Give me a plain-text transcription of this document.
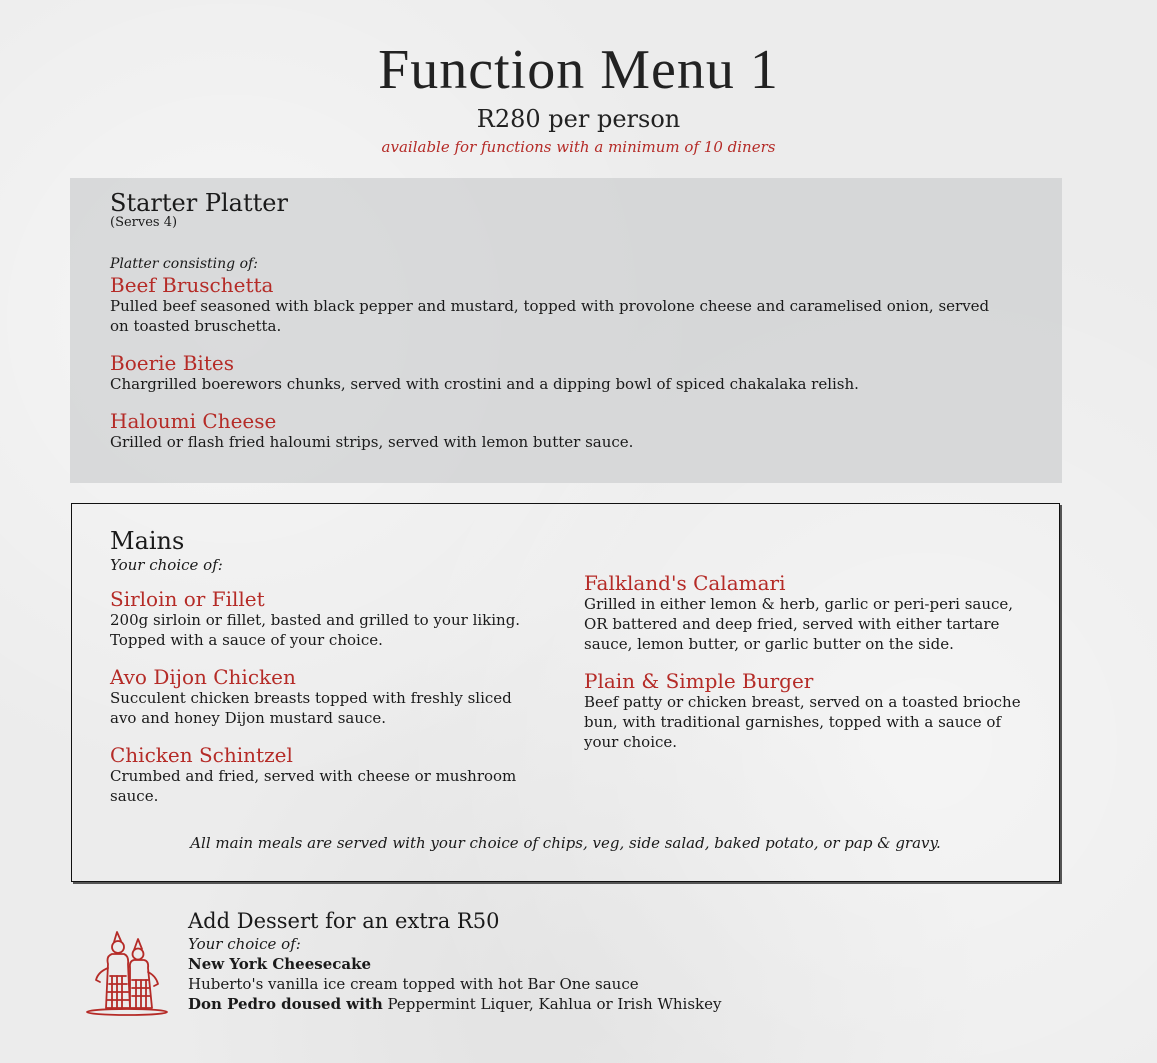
Function Menu 1
R280 per person
available for functions with a minimum of 10 diners
Starter Platter
(Serves 4)
Platter consisting of:
Beef Bruschetta
Pulled beef seasoned with black pepper and mustard, topped with provolone cheese and caramelised onion, served on toasted bruschetta.
Boerie Bites
Chargrilled boerewors chunks, served with crostini and a dipping bowl of spiced chakalaka relish.
Haloumi Cheese
Grilled or flash fried haloumi strips, served with lemon butter sauce.
Mains
Your choice of:
Sirloin or Fillet
200g sirloin or fillet, basted and grilled to your liking. Topped with a sauce of your choice.
Avo Dijon Chicken
Succulent chicken breasts topped with freshly sliced avo and honey Dijon mustard sauce.
Chicken Schintzel
Crumbed and fried, served with cheese or mushroom sauce.
Falkland's Calamari
Grilled in either lemon & herb, garlic or peri-peri sauce, OR battered and deep fried, served with either tartare sauce, lemon butter, or garlic butter on the side.
Plain & Simple Burger
Beef patty or chicken breast, served on a toasted brioche bun, with traditional garnishes, topped with a sauce of your choice.
All main meals are served with your choice of chips, veg, side salad, baked potato, or pap & gravy.
Add Dessert for an extra R50
Your choice of:
New York Cheesecake
Huberto's vanilla ice cream topped with hot Bar One sauce
Don Pedro doused with Peppermint Liquer, Kahlua or Irish Whiskey
